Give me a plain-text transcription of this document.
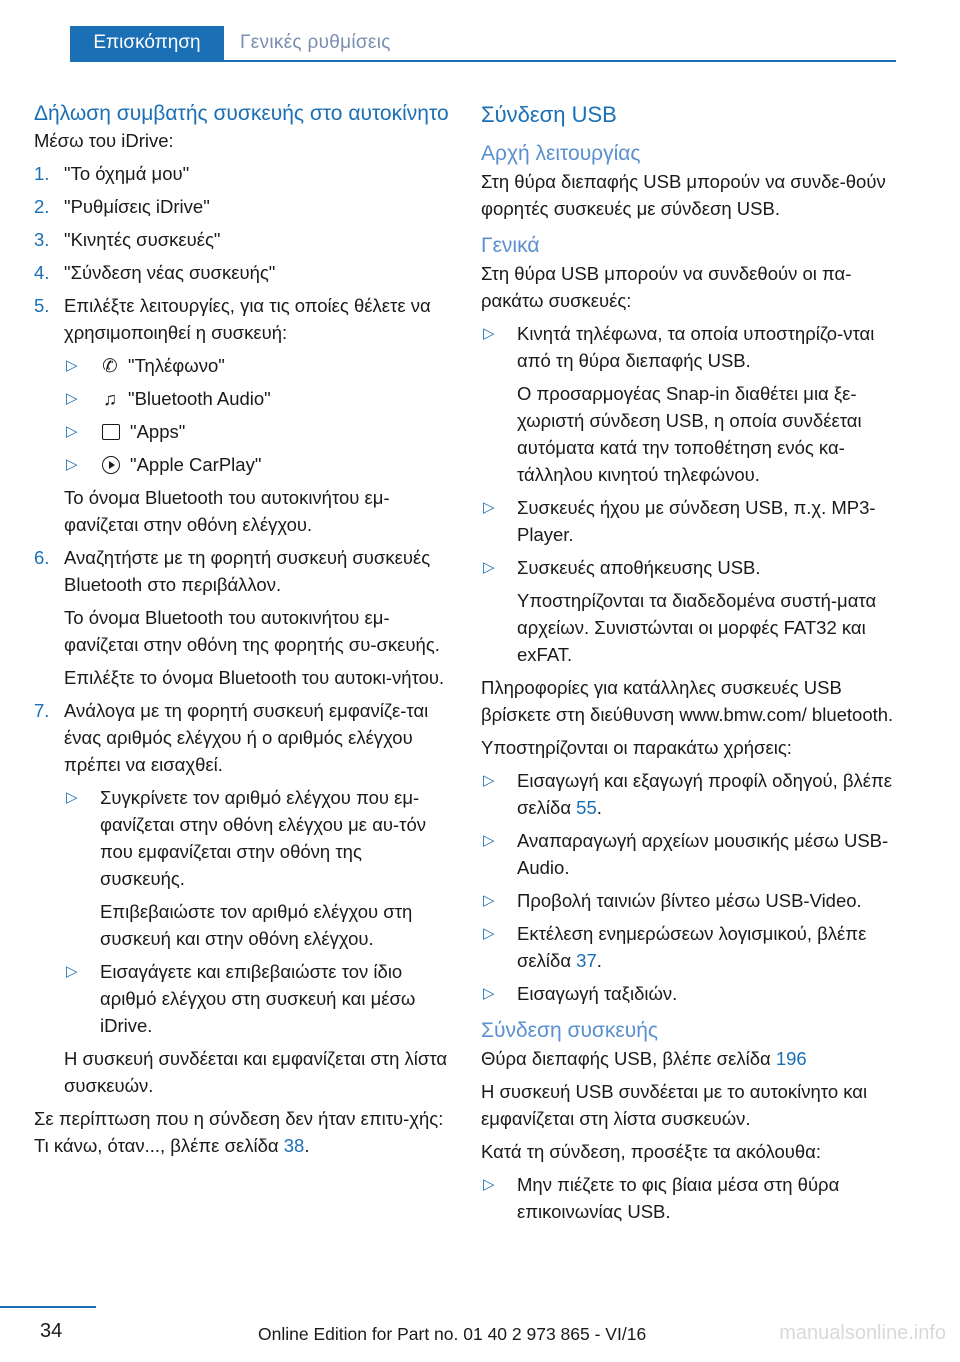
Επισκόπηση	Γενικές ρυθμίσεις
Δήλωση συμβατής συσκευής στο αυτοκίνητο

Μέσω του iDrive:

1. "Το όχημά μου"
2. "Ρυθμίσεις iDrive"
3. "Κινητές συσκευές"
4. "Σύνδεση νέας συσκευής"
5. Επιλέξτε λειτουργίες, για τις οποίες θέλετε να χρησιμοποιηθεί η συσκευή:
▷ ✆ "Τηλέφωνο"
▷ ♫ "Bluetooth Audio"
▷	"Apps"
▷	"Apple CarPlay"

Το όνομα Bluetooth του αυτοκινήτου εμ-φανίζεται στην οθόνη ελέγχου.

6. Αναζητήστε με τη φορητή συσκευή συσκευές Bluetooth στο περιβάλλον.

Το όνομα Bluetooth του αυτοκινήτου εμ-φανίζεται στην οθόνη της φορητής συ-σκευής.

Επιλέξτε το όνομα Bluetooth του αυτοκι-νήτου.

7. Ανάλογα με τη φορητή συσκευή εμφανίζε-ται ένας αριθμός ελέγχου ή ο αριθμός ελέγχου πρέπει να εισαχθεί.

▷ Συγκρίνετε τον αριθμό ελέγχου που εμ-φανίζεται στην οθόνη ελέγχου με αυ-τόν που εμφανίζεται στην οθόνη της συσκευής.

Επιβεβαιώστε τον αριθμό ελέγχου στη συσκευή και στην οθόνη ελέγχου.

▷ Εισαγάγετε και επιβεβαιώστε τον ίδιο αριθμό ελέγχου στη συσκευή και μέσω iDrive.

Η συσκευή συνδέεται και εμφανίζεται στη λίστα συσκευών.

Σε περίπτωση που η σύνδεση δεν ήταν επιτυ-χής: Τι κάνω, όταν..., βλέπε σελίδα 38.

Σύνδεση USB
Αρχή λειτουργίας

Στη θύρα διεπαφής USB μπορούν να συνδε-θούν φορητές συσκευές με σύνδεση USB.

Γενικά

Στη θύρα USB μπορούν να συνδεθούν οι πα-ρακάτω συσκευές:

▷ Κινητά τηλέφωνα, τα οποία υποστηρίζο-νται από τη θύρα διεπαφής USB.

Ο προσαρμογέας Snap-in διαθέτει μια ξε-χωριστή σύνδεση USB, η οποία συνδέεται αυτόματα κατά την τοποθέτηση ενός κα-τάλληλου κινητού τηλεφώνου.

▷ Συσκευές ήχου με σύνδεση USB, π.χ. MP3-Player.

▷ Συσκευές αποθήκευσης USB.

Υποστηρίζονται τα διαδεδομένα συστή-ματα αρχείων. Συνιστώνται οι μορφές FAT32 και exFAT.

Πληροφορίες για κατάλληλες συσκευές USB βρίσκετε στη διεύθυνση www.bmw.com/ bluetooth.

Υποστηρίζονται οι παρακάτω χρήσεις:

▷ Εισαγωγή και εξαγωγή προφίλ οδηγού, βλέπε σελίδα 55.
▷ Αναπαραγωγή αρχείων μουσικής μέσω USB-Audio.
▷ Προβολή ταινιών βίντεο μέσω USB-Video.
▷ Εκτέλεση ενημερώσεων λογισμικού, βλέπε σελίδα 37.
▷ Εισαγωγή ταξιδιών.
Σύνδεση συσκευής

Θύρα διεπαφής USB, βλέπε σελίδα 196

Η συσκευή USB συνδέεται με το αυτοκίνητο και εμφανίζεται στη λίστα συσκευών.

Κατά τη σύνδεση, προσέξτε τα ακόλουθα:

▷ Μην πιέζετε το φις βίαια μέσα στη θύρα επικοινωνίας USB.
34	Online Edition for Part no. 01 40 2 973 865 - VI/16	manualsonline.info
